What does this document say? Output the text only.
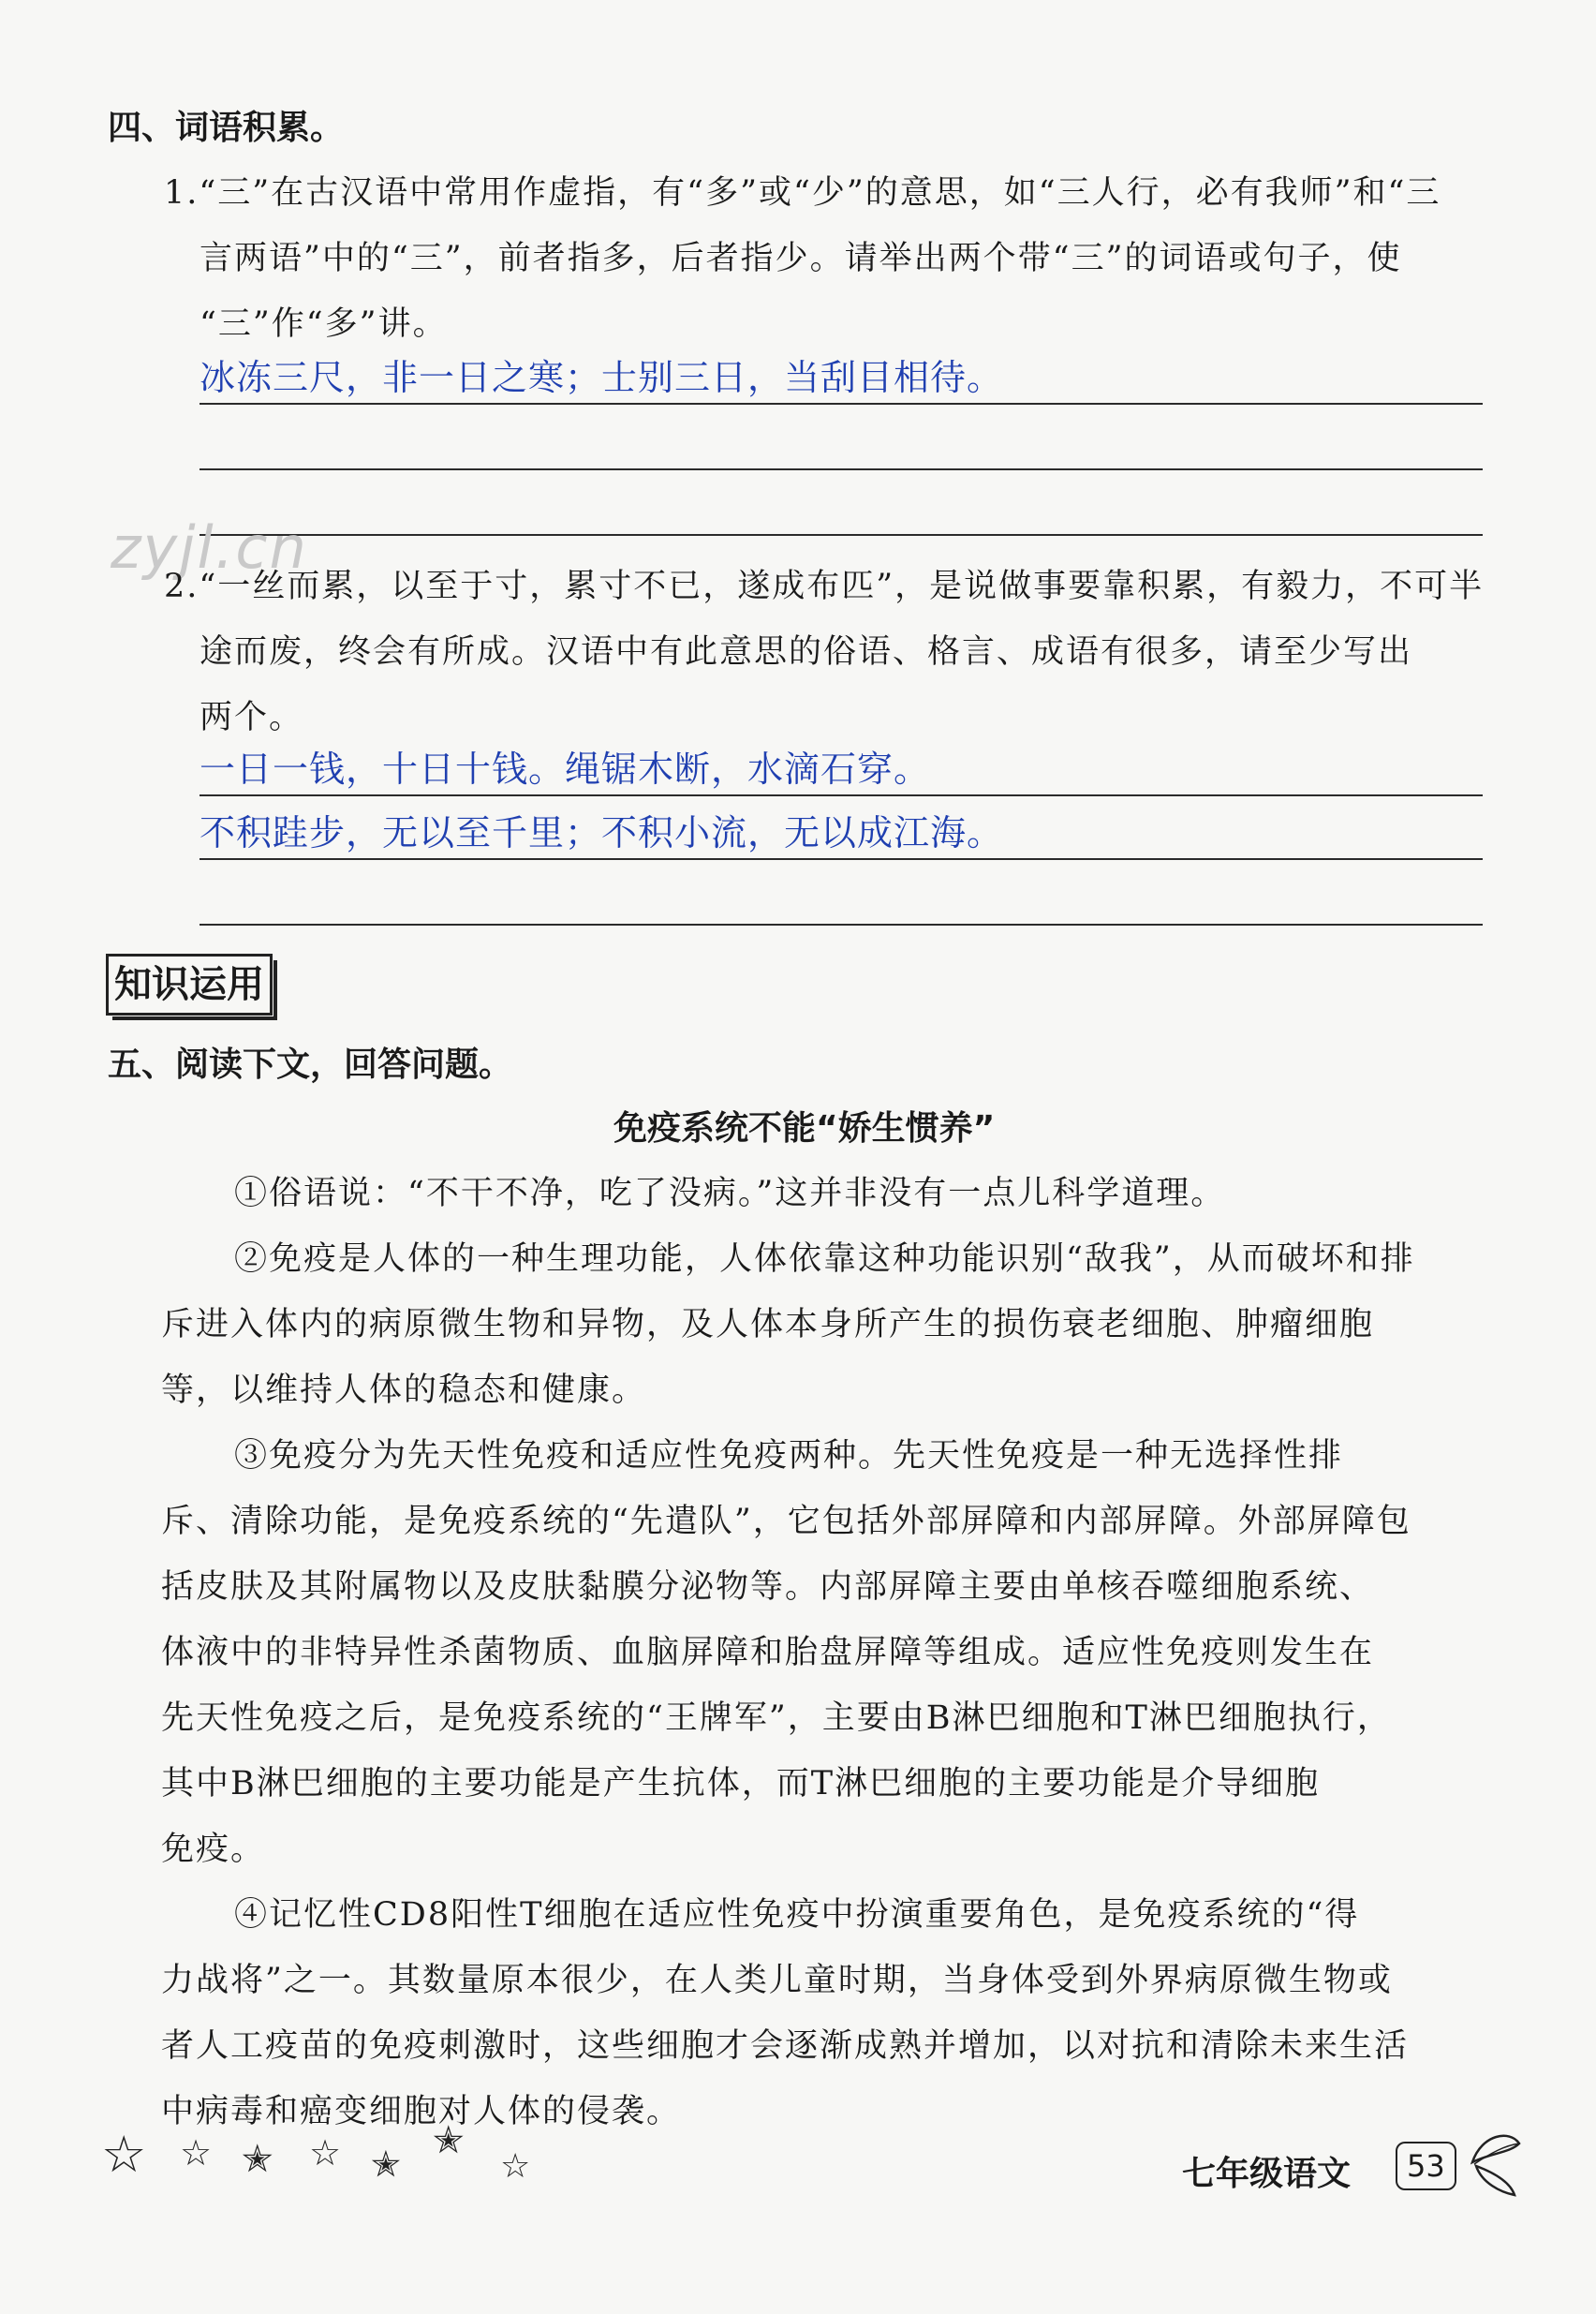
四、词语积累。
1.“三”在古汉语中常用作虚指，有“多”或“少”的意思，如“三人行，必有我师”和“三
言两语”中的“三”，前者指多，后者指少。请举出两个带“三”的词语或句子，使
“三”作“多”讲。
冰冻三尺，非一日之寒；士别三日，当刮目相待。
zyjl.cn
2.“一丝而累，以至于寸，累寸不已，遂成布匹”，是说做事要靠积累，有毅力，不可半
途而废，终会有所成。汉语中有此意思的俗语、格言、成语有很多，请至少写出
两个。
一日一钱，十日十钱。绳锯木断，水滴石穿。
不积跬步，无以至千里；不积小流，无以成江海。
知识运用
五、阅读下文，回答问题。
免疫系统不能“娇生惯养”
①俗语说：“不干不净，吃了没病。”这并非没有一点儿科学道理。
②免疫是人体的一种生理功能，人体依靠这种功能识别“敌我”，从而破坏和排
斥进入体内的病原微生物和异物，及人体本身所产生的损伤衰老细胞、肿瘤细胞
等，以维持人体的稳态和健康。
③免疫分为先天性免疫和适应性免疫两种。先天性免疫是一种无选择性排
斥、清除功能，是免疫系统的“先遣队”，它包括外部屏障和内部屏障。外部屏障包
括皮肤及其附属物以及皮肤黏膜分泌物等。内部屏障主要由单核吞噬细胞系统、
体液中的非特异性杀菌物质、血脑屏障和胎盘屏障等组成。适应性免疫则发生在
先天性免疫之后，是免疫系统的“王牌军”，主要由B淋巴细胞和T淋巴细胞执行，
其中B淋巴细胞的主要功能是产生抗体，而T淋巴细胞的主要功能是介导细胞
免疫。
④记忆性CD8阳性T细胞在适应性免疫中扮演重要角色，是免疫系统的“得
力战将”之一。其数量原本很少，在人类儿童时期，当身体受到外界病原微生物或
者人工疫苗的免疫刺激时，这些细胞才会逐渐成熟并增加，以对抗和清除未来生活
中病毒和癌变细胞对人体的侵袭。
☆ ☆ ✭ ☆ ✭
✭
☆	七年级语文	53
